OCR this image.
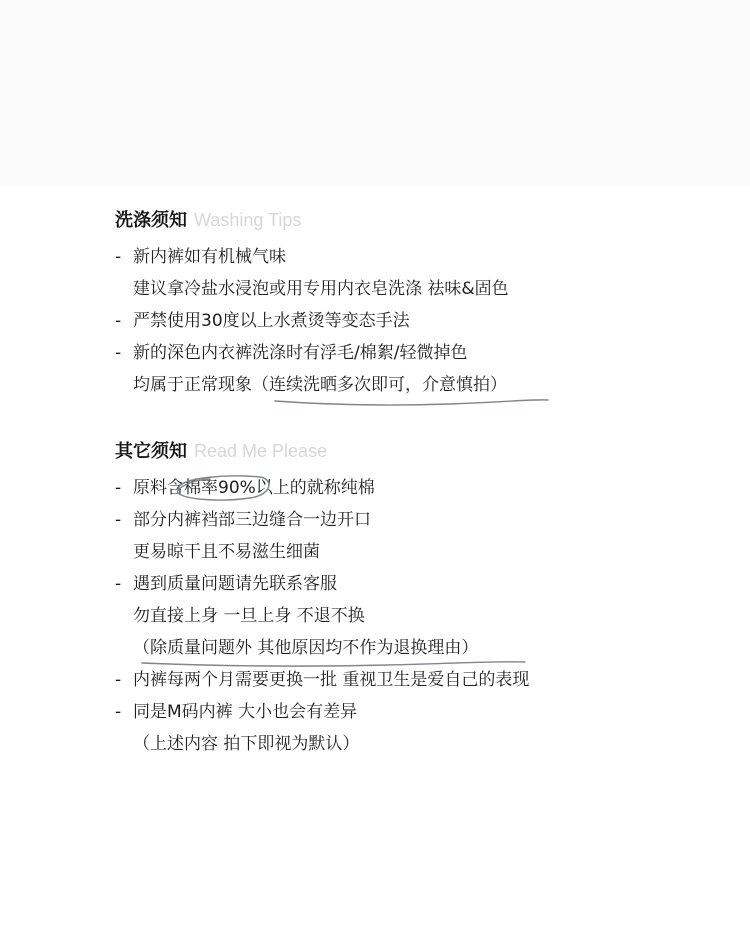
洗涤须知 Washing Tips
- 新内裤如有机械气味
建议拿冷盐水浸泡或用专用内衣皂洗涤 祛味&固色
- 严禁使用30度以上水煮烫等变态手法
- 新的深色内衣裤洗涤时有浮毛/棉絮/轻微掉色
均属于正常现象（连续洗晒多次即可，介意慎拍）
其它须知 Read Me Please
- 原料含棉率90%以上的就称纯棉
- 部分内裤裆部三边缝合一边开口
更易晾干且不易滋生细菌
- 遇到质量问题请先联系客服
勿直接上身 一旦上身 不退不换
（除质量问题外 其他原因均不作为退换理由）
- 内裤每两个月需要更换一批 重视卫生是爱自己的表现
- 同是M码内裤 大小也会有差异
（上述内容 拍下即视为默认）
